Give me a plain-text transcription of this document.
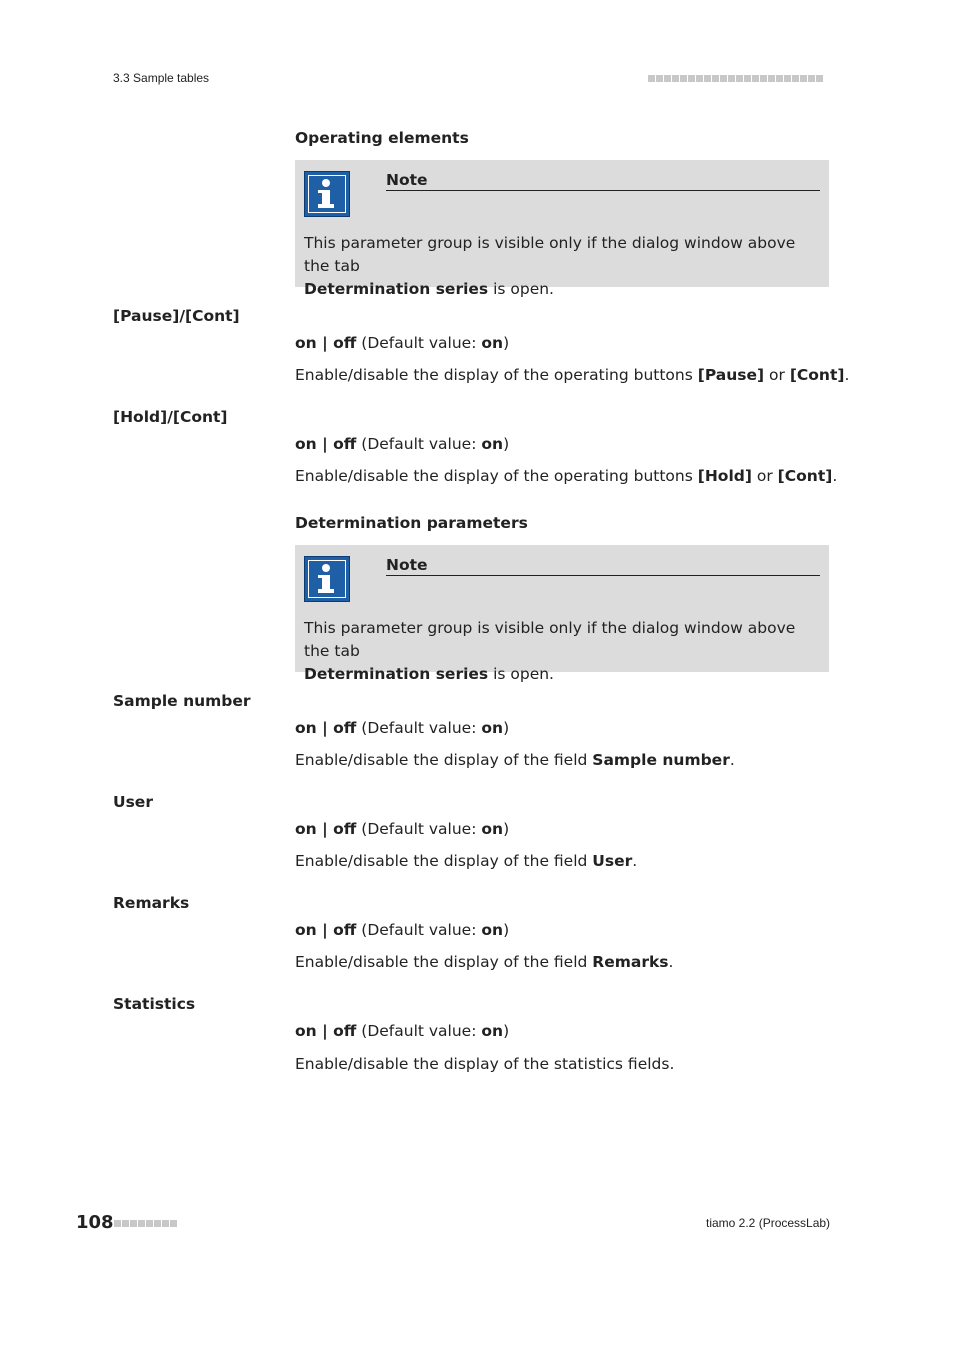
3.3 Sample tables
Operating elements
Note
This parameter group is visible only if the dialog window above the tab
Determination series is open.
[Pause]/[Cont]
on | off (Default value: on)
Enable/disable the display of the operating buttons [Pause] or [Cont].
[Hold]/[Cont]
on | off (Default value: on)
Enable/disable the display of the operating buttons [Hold] or [Cont].
Determination parameters
Note
This parameter group is visible only if the dialog window above the tab
Determination series is open.
Sample number
on | off (Default value: on)
Enable/disable the display of the field Sample number.
User
on | off (Default value: on)
Enable/disable the display of the field User.
Remarks
on | off (Default value: on)
Enable/disable the display of the field Remarks.
Statistics
on | off (Default value: on)
Enable/disable the display of the statistics fields.
108	tiamo 2.2 (ProcessLab)
